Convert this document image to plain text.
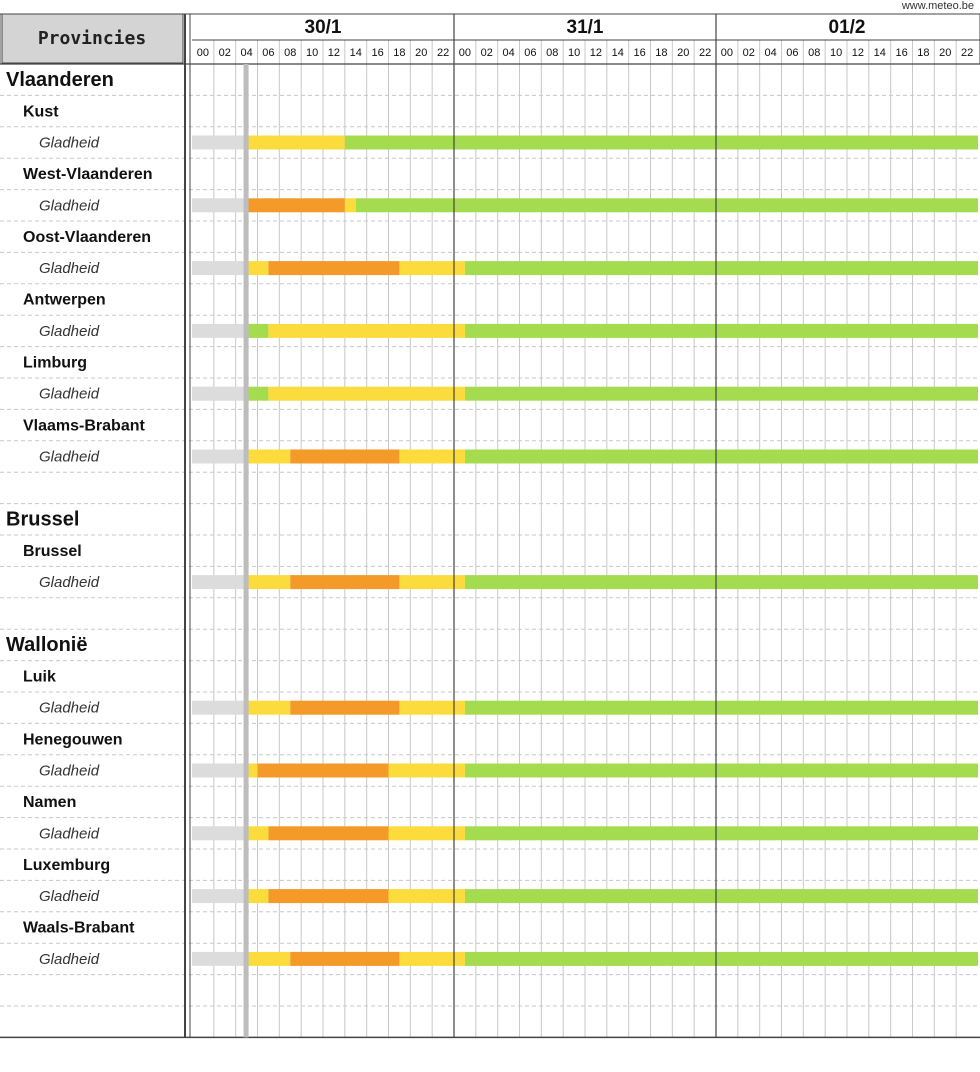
www.meteo.be
Provincies
30/1
00 02 04 06 08 10 12 14 16 18 20 22
31/1
00 02 04 06 08 10 12 14 16 18 20 22
01/2
00 02 04 06 08 10 12 14 16 18 20 22
Vlaanderen
Kust
Gladheid
West-Vlaanderen
Gladheid
Oost-Vlaanderen
Gladheid
Antwerpen
Gladheid
Limburg
Gladheid
Vlaams-Brabant
Gladheid
Brussel
Brussel
Gladheid
Wallonië
Luik
Gladheid
Henegouwen
Gladheid
Namen
Gladheid
Luxemburg
Gladheid
Waals-Brabant
Gladheid
